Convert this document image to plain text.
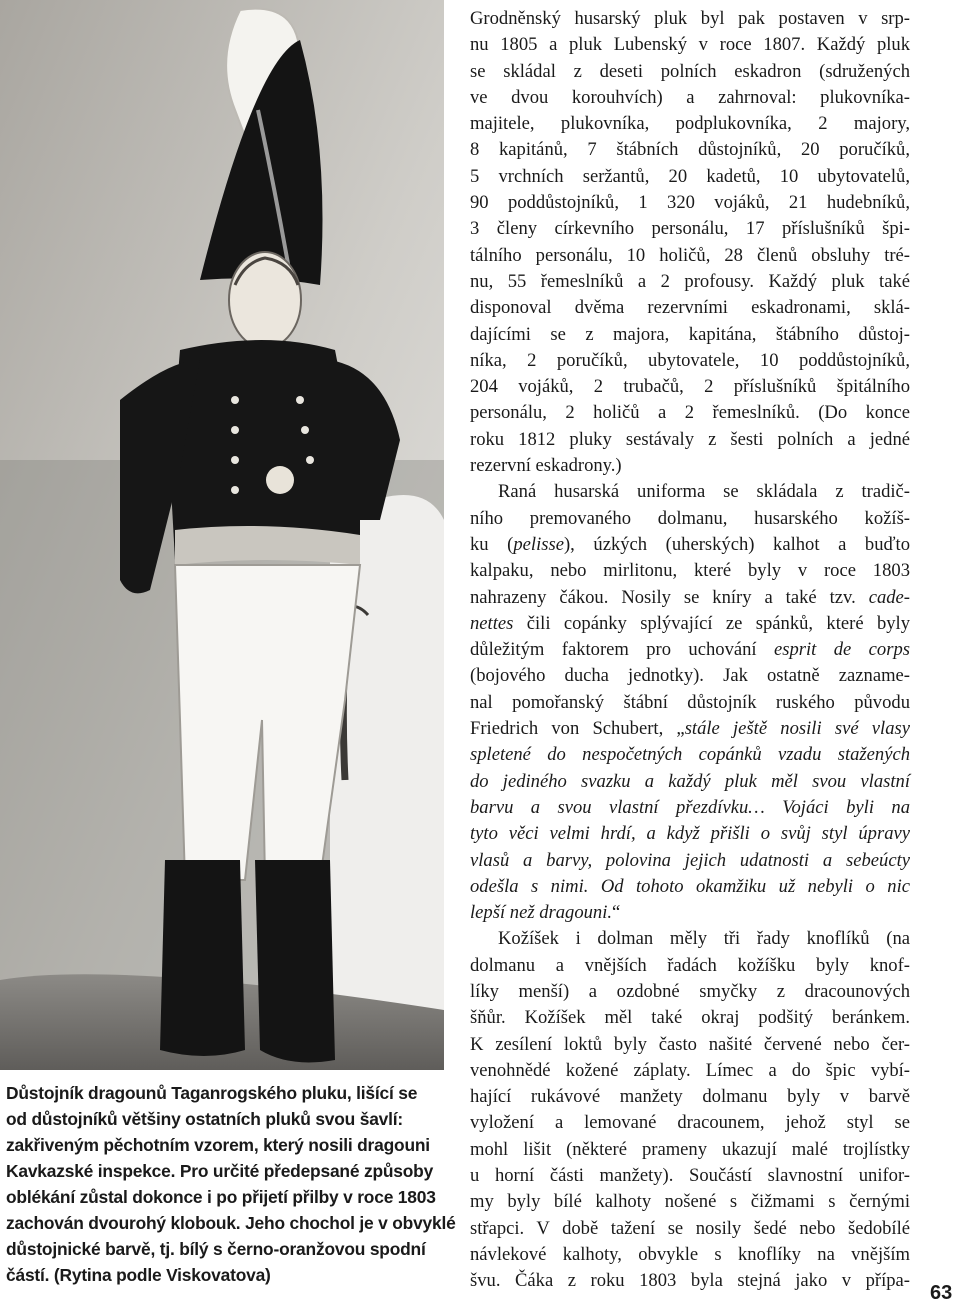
Důstojník dragounů Taganrogského pluku, lišící se
od důstojníků většiny ostatních pluků svou šavlí:
zakřiveným pěchotním vzorem, který nosili dragouni
Kavkazské inspekce. Pro určité předepsané způsoby
oblékání zůstal dokonce i po přijetí přilby v roce 1803
zachován dvourohý klobouk. Jeho chochol je v obvyklé
důstojnické barvě, tj. bílý s černo-oranžovou spodní
částí. (Rytina podle Viskovatova)
Grodněnský husarský pluk byl pak postaven v srp-
nu 1805 a pluk Lubenský v roce 1807. Každý pluk
se skládal z deseti polních eskadron (sdružených
ve dvou korouhvích) a zahrnoval: plukovníka-
majitele, plukovníka, podplukovníka, 2 majory,
8 kapitánů, 7 štábních důstojníků, 20 poručíků,
5 vrchních seržantů, 20 kadetů, 10 ubytovatelů,
90 poddůstojníků, 1 320 vojáků, 21 hudebníků,
3 členy církevního personálu, 17 příslušníků špi-
tálního personálu, 10 holičů, 28 členů obsluhy tré-
nu, 55 řemeslníků a 2 profousy. Každý pluk také
disponoval dvěma rezervními eskadronami, sklá-
dajícími se z majora, kapitána, štábního důstoj-
níka, 2 poručíků, ubytovatele, 10 poddůstojníků,
204 vojáků, 2 trubačů, 2 příslušníků špitálního
personálu, 2 holičů a 2 řemeslníků. (Do konce
roku 1812 pluky sestávaly z šesti polních a jedné
rezervní eskadrony.)
Raná husarská uniforma se skládala z tradič-
ního premovaného dolmanu, husarského kožíš-
ku (pelisse), úzkých (uherských) kalhot a buďto
kalpaku, nebo mirlitonu, které byly v roce 1803
nahrazeny čákou. Nosily se kníry a také tzv. cade-
nettes čili copánky splývající ze spánků, které byly
důležitým faktorem pro uchování esprit de corps
(bojového ducha jednotky). Jak ostatně zazname-
nal pomořanský štábní důstojník ruského původu
Friedrich von Schubert, „stále ještě nosili své vlasy
spletené do nespočetných copánků vzadu stažených
do jediného svazku a každý pluk měl svou vlastní
barvu a svou vlastní přezdívku… Vojáci byli na
tyto věci velmi hrdí, a když přišli o svůj styl úpravy
vlasů a barvy, polovina jejich udatnosti a sebeúcty
odešla s nimi. Od tohoto okamžiku už nebyli o nic
lepší než dragouni.“
Kožíšek i dolman měly tři řady knoflíků (na
dolmanu a vnějších řadách kožíšku byly knof-
líky menší) a ozdobné smyčky z dracounových
šňůr. Kožíšek měl také okraj podšitý beránkem.
K zesílení loktů byly často našité červené nebo čer-
venohnědé kožené záplaty. Límec a do špic vybí-
hající rukávové manžety dolmanu byly v barvě
vyložení a lemované dracounem, jehož styl se
mohl lišit (některé prameny ukazují malé trojlístky
u horní části manžety). Součástí slavnostní unifor-
my byly bílé kalhoty nošené s čižmami s černými
střapci. V době tažení se nosily šedé nebo šedobílé
návlekové kalhoty, obvykle s knoflíky na vnějším
švu. Čáka z roku 1803 byla stejná jako v přípa-
63
